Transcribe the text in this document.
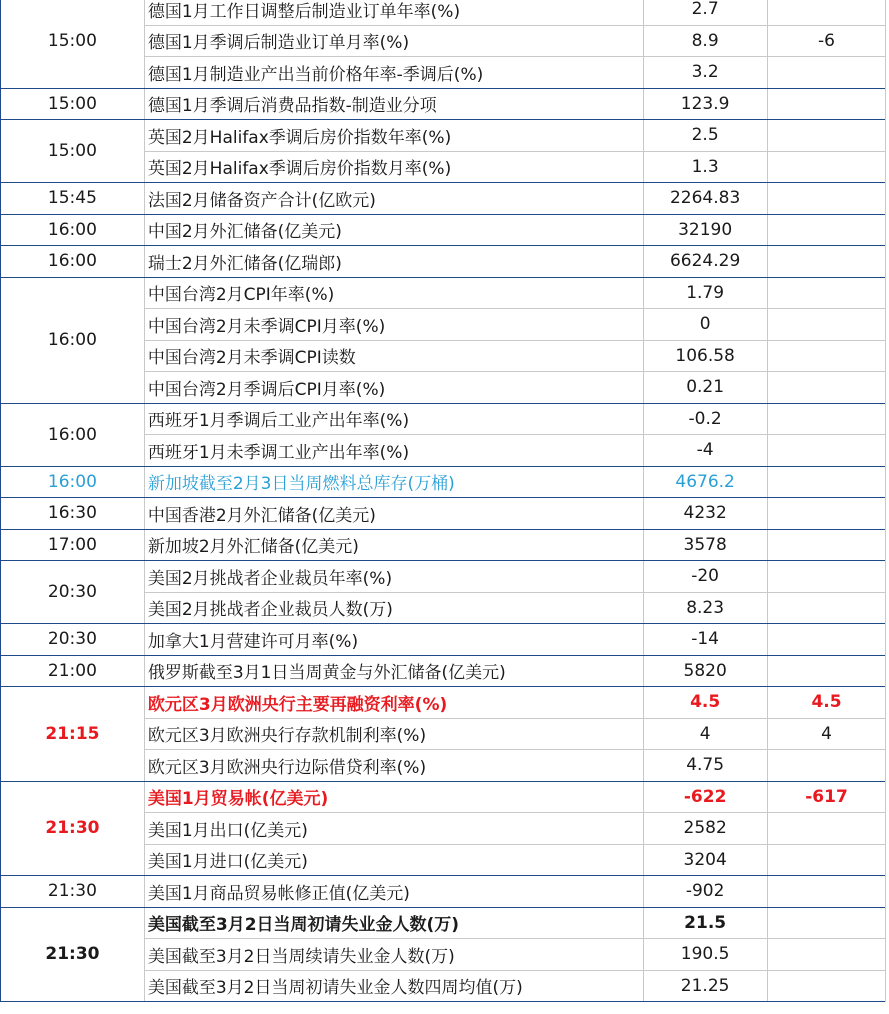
15:00	德国1月工作日调整后制造业订单年率(%)	2.7		
	德国1月季调后制造业订单月率(%)	8.9	-6	
	德国1月制造业产出当前价格年率-季调后(%)	3.2		
15:00	德国1月季调后消费品指数-制造业分项	123.9		
15:00	英国2月Halifax季调后房价指数年率(%)	2.5		
	英国2月Halifax季调后房价指数月率(%)	1.3		
15:45	法国2月储备资产合计(亿欧元)	2264.83		
16:00	中国2月外汇储备(亿美元)	32190		
16:00	瑞士2月外汇储备(亿瑞郎)	6624.29		
16:00	中国台湾2月CPI年率(%)	1.79		
	中国台湾2月未季调CPI月率(%)	0		
	中国台湾2月未季调CPI读数	106.58		
	中国台湾2月季调后CPI月率(%)	0.21		
16:00	西班牙1月季调后工业产出年率(%)	-0.2		
	西班牙1月未季调工业产出年率(%)	-4		
16:00	新加坡截至2月3日当周燃料总库存(万桶)	4676.2		
16:30	中国香港2月外汇储备(亿美元)	4232		
17:00	新加坡2月外汇储备(亿美元)	3578		
20:30	美国2月挑战者企业裁员年率(%)	-20		
	美国2月挑战者企业裁员人数(万)	8.23		
20:30	加拿大1月营建许可月率(%)	-14		
21:00	俄罗斯截至3月1日当周黄金与外汇储备(亿美元)	5820		
21:15	欧元区3月欧洲央行主要再融资利率(%)	4.5	4.5	
	欧元区3月欧洲央行存款机制利率(%)	4	4	
	欧元区3月欧洲央行边际借贷利率(%)	4.75		
21:30	美国1月贸易帐(亿美元)	-622	-617	
	美国1月出口(亿美元)	2582		
	美国1月进口(亿美元)	3204		
21:30	美国1月商品贸易帐修正值(亿美元)	-902		
21:30	美国截至3月2日当周初请失业金人数(万)	21.5		
	美国截至3月2日当周续请失业金人数(万)	190.5		
	美国截至3月2日当周初请失业金人数四周均值(万)	21.25		
